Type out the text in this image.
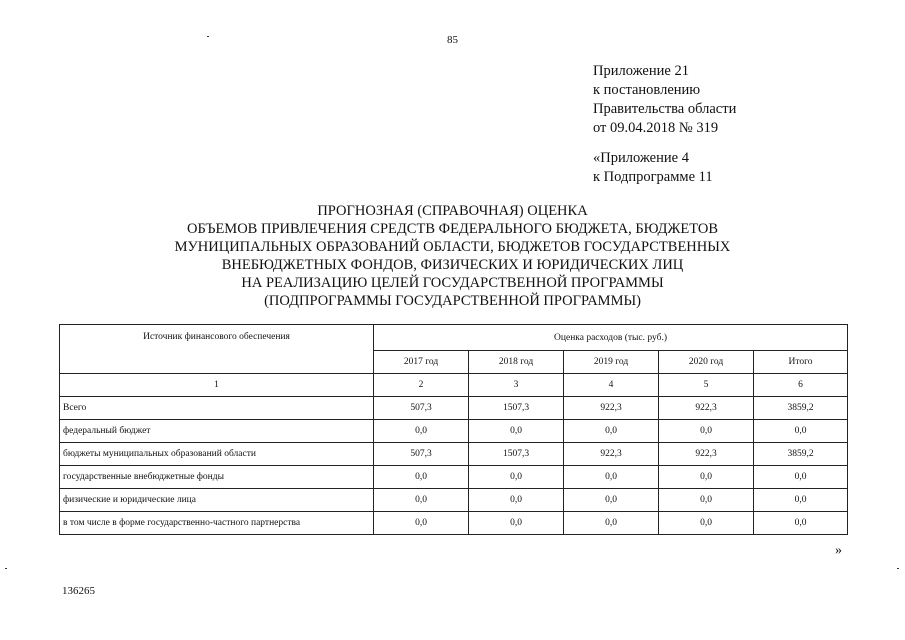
85
Приложение 21
к постановлению
Правительства области
от 09.04.2018 № 319
«Приложение 4
к Подпрограмме 11
ПРОГНОЗНАЯ (СПРАВОЧНАЯ) ОЦЕНКА
ОБЪЕМОВ ПРИВЛЕЧЕНИЯ СРЕДСТВ ФЕДЕРАЛЬНОГО БЮДЖЕТА, БЮДЖЕТОВ
МУНИЦИПАЛЬНЫХ ОБРАЗОВАНИЙ ОБЛАСТИ, БЮДЖЕТОВ ГОСУДАРСТВЕННЫХ
ВНЕБЮДЖЕТНЫХ ФОНДОВ, ФИЗИЧЕСКИХ И ЮРИДИЧЕСКИХ ЛИЦ
НА РЕАЛИЗАЦИЮ ЦЕЛЕЙ ГОСУДАРСТВЕННОЙ ПРОГРАММЫ
(ПОДПРОГРАММЫ ГОСУДАРСТВЕННОЙ ПРОГРАММЫ)
Источник финансового обеспечения	Оценка расходов (тыс. руб.)				
	2017 год	2018 год	2019 год	2020 год	Итого
1	2	3	4	5	6
Всего	507,3	1507,3	922,3	922,3	3859,2
федеральный бюджет	0,0	0,0	0,0	0,0	0,0
бюджеты муниципальных образований области	507,3	1507,3	922,3	922,3	3859,2
государственные внебюджетные фонды	0,0	0,0	0,0	0,0	0,0
физические и юридические лица	0,0	0,0	0,0	0,0	0,0
в том числе в форме государственно-частного партнерства	0,0	0,0	0,0	0,0	0,0
»
136265
